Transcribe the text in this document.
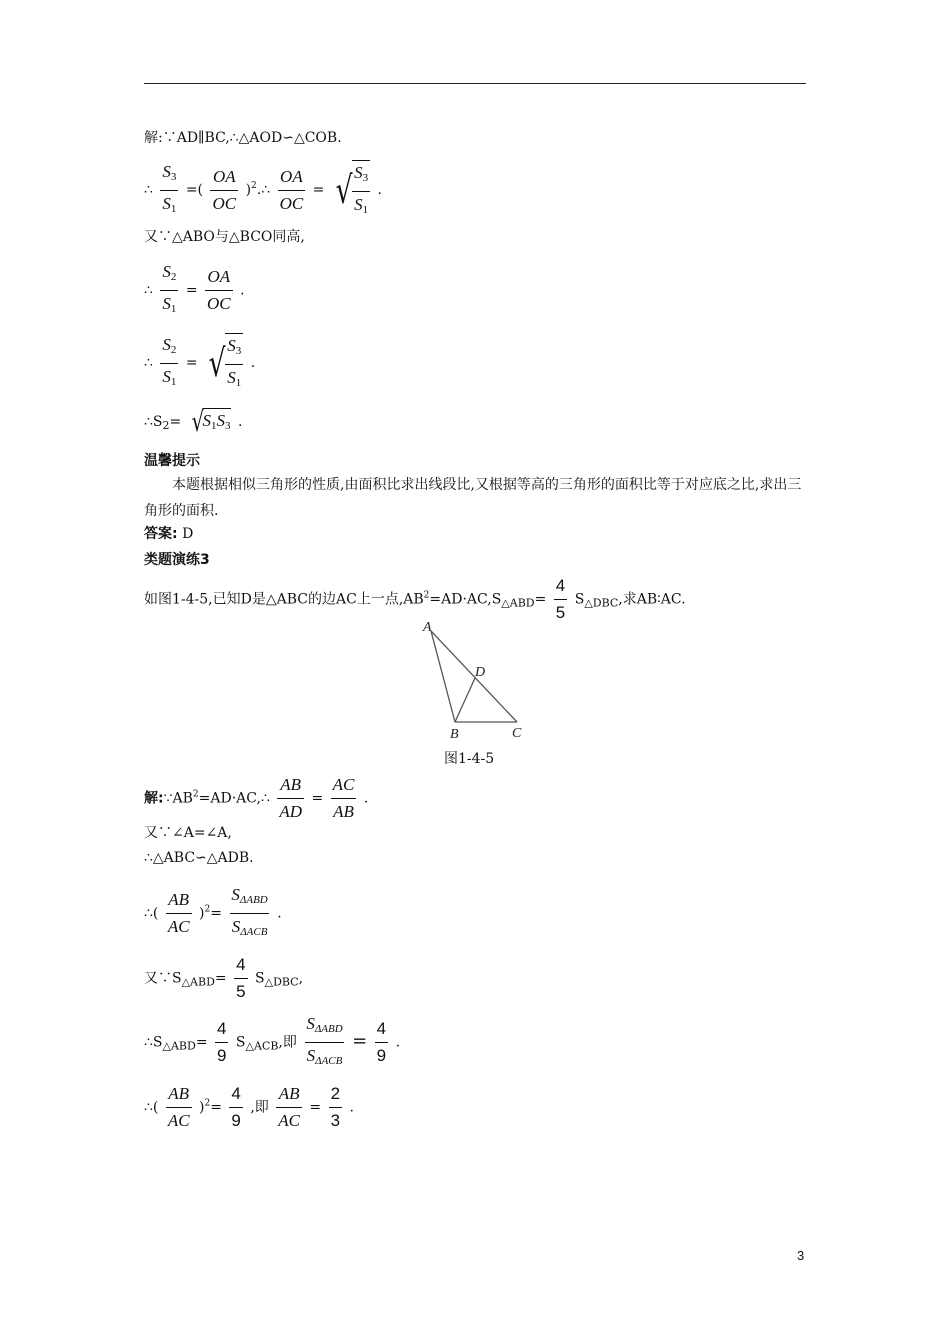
解:∵AD∥BC,∴△AOD∽△COB.
∴ $\frac{S_3}{S_1}$ =( $\frac{OA}{OC}$ )$^2$.∴ $\frac{OA}{OC}$ = √ $\frac{S_3}{S_1}$ .
又∵△ABO与△BCO同高,
∴ $\frac{S_2}{S_1} = \frac{OA}{OC}$ .
∴ $\frac{S_2}{S_1}$ = √ $\frac{S_3}{S_1}$ .
$\therefore S_2=$ √
$S_1S_3$ .
温馨提示
本题根据相似三角形的性质,由面积比求出线段比,又根据等高的三角形的面积比等于对应底之比,求出三角形的面积.
答案: D
类题演练3
如图1-4-5,已知D是△ABC的边AC上一点$,AB^2=AD\cdot AC,S_{\triangle ABD}= \frac{4}{5} S_{\triangle DBC}$,求AB∶AC.
A
B	C
D
图1-4-5
解$:\because AB^2=AD\cdot AC,\therefore \frac{AB}{AD} = \frac{AC}{AB}$ .
又∵∠A=∠A,
∴△ABC∽△ADB.
∴( $\frac{AB}{AC} )^2= \frac{S_{\Delta ABD}}{S_{\Delta ACB}}$ .
又$\because S_{\triangle ABD}= \frac{4}{5} S_{\triangle DBC}$,
$\therefore S_{\triangle ABD}= \frac{4}{9} S_{\triangle ACB}$,即 $\frac{S_{\Delta ABD}}{S_{\Delta ACB}} = \frac{4}{9}$ .
∴( $\frac{AB}{AC} )^2= \frac{4}{9}$ ,即 $\frac{AB}{AC} = \frac{2}{3}$ .
3
